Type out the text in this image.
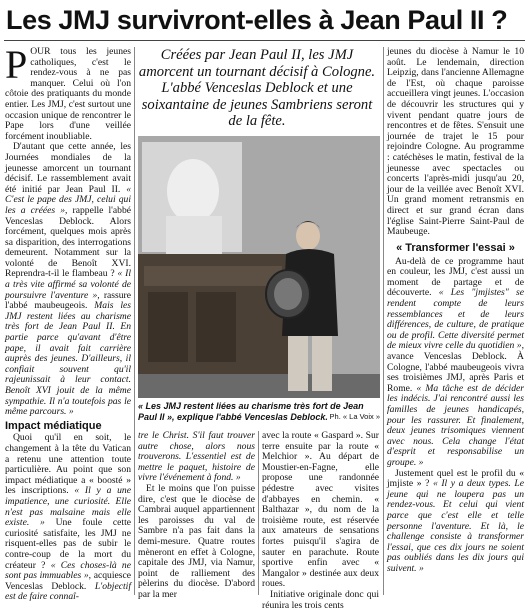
Les JMJ survivront-elles à Jean Paul II ?

POUR tous les jeunes catholiques, c'est le rendez-vous à ne pas manquer. Celui où l'on côtoie des pratiquants du monde entier. Les JMJ, c'est surtout une occasion unique de rencontrer le Pape lors d'une veillée forcément inoubliable.

D'autant que cette année, les Journées mondiales de la jeunesse amorcent un tournant décisif. Le rassemblement avait été initié par Jean Paul II. « C'est le pape des JMJ, celui qui les a créées », rappelle l'abbé Venceslas Deblock. Alors forcément, quelques mois après sa disparition, des interrogations demeurent. Notamment sur la volonté de Benoît XVI. Reprendra-t-il le flambeau ? « Il a très vite affirmé sa volonté de poursuivre l'aventure », rassure l'abbé maubeugeois. Mais les JMJ restent liées au charisme très fort de Jean Paul II. En partie parce qu'avant d'être pape, il avait fait carrière auprès des jeunes. D'ailleurs, il confiait souvent qu'il rajeunissait à leur contact. Benoît XVI jouit de la même sympathie. Il n'a toutefois pas le même parcours. »

Impact médiatique

Quoi qu'il en soit, le changement à la tête du Vatican a retenu une attention toute particulière. Au point que son impact médiatique a « boosté » les inscriptions. « Il y a une impatience, une curiosité. Elle n'est pas malsaine mais elle existe. » Une foule cette curiosité satisfaite, les JMJ ne risquent-elles pas de subir le contre-coup de la mort du créateur ? « Ces choses-là ne sont pas immuables », acquiesce Venceslas Deblock. L'objectif est de faire connaî-

Créées par Jean Paul II, les JMJ amorcent un tournant décisif à Cologne. L'abbé Venceslas Deblock et une soixantaine de jeunes Sambriens seront de la fête.
« Les JMJ restent liées au charisme très fort de Jean Paul II », explique l'abbé Venceslas Deblock. Ph. « La Voix »

tre le Christ. S'il faut trouver autre chose, alors nous trouverons. L'essentiel est de mettre le paquet, histoire de vivre l'événement à fond. »

Et le moins que l'on puisse dire, c'est que le diocèse de Cambrai auquel appartiennent les paroisses du val de Sambre n'a pas fait dans la demi-mesure. Quatre routes mèneront en effet à Cologne, capitale des JMJ, via Namur, point de ralliement des pèlerins du diocèse. D'abord par la mer

avec la route « Gaspard ». Sur terre ensuite par la route « Melchior ». Au départ de Moustier-en-Fagne, elle propose une randonnée pédestre avec visites d'abbayes en chemin. « Balthazar », du nom de la troisième route, est réservée aux amateurs de sensations fortes puisqu'il s'agira de sauter en parachute. Route sportive enfin avec « Mangalor » destinée aux deux roues.

Initiative originale donc qui réunira les trois cents

jeunes du diocèse à Namur le 10 août. Le lendemain, direction Leipzig, dans l'ancienne Allemagne de l'Est, où chaque paroisse accueillera vingt jeunes. L'occasion de découvrir les structures qui y vivent pendant quatre jours de rencontres et de fêtes. S'ensuit une journée de trajet le 15 pour rejoindre Cologne. Au programme : catéchèses le matin, festival de la jeunesse avec spectacles ou concerts l'après-midi jusqu'au 20, jour de la veillée avec Benoît XVI. Un grand moment retransmis en direct et sur grand écran dans l'église Saint-Pierre Saint-Paul de Maubeuge.

« Transformer l'essai »

Au-delà de ce programme haut en couleur, les JMJ, c'est aussi un moment de partage et de découverte. « Les "jmjistes" se rendent compte de leurs ressemblances et de leurs différences, de culture, de pratique ou de profil. Cette diversité permet de mieux vivre celle du quotidien », avance Venceslas Deblock. À Cologne, l'abbé maubeugeois vivra ses troisièmes JMJ, après Paris et Rome. « Ma tâche est de décider les indécis. J'ai rencontré aussi les familles de jeunes handicapés, pour les rassurer. Et finalement, deux jeunes trisomiques viennent avec nous. Cela change l'état d'esprit et responsabilise un groupe. »

Justement quel est le profil du « jmjiste » ? « Il y a deux types. Le jeune qui ne loupera pas un rendez-vous. Et celui qui vient parce que c'est elle et telle personne l'aventure. Et là, le challenge consiste à transformer l'essai, que ces dix jours ne soient pas oubliés dans les dix jours qui suivent. »
